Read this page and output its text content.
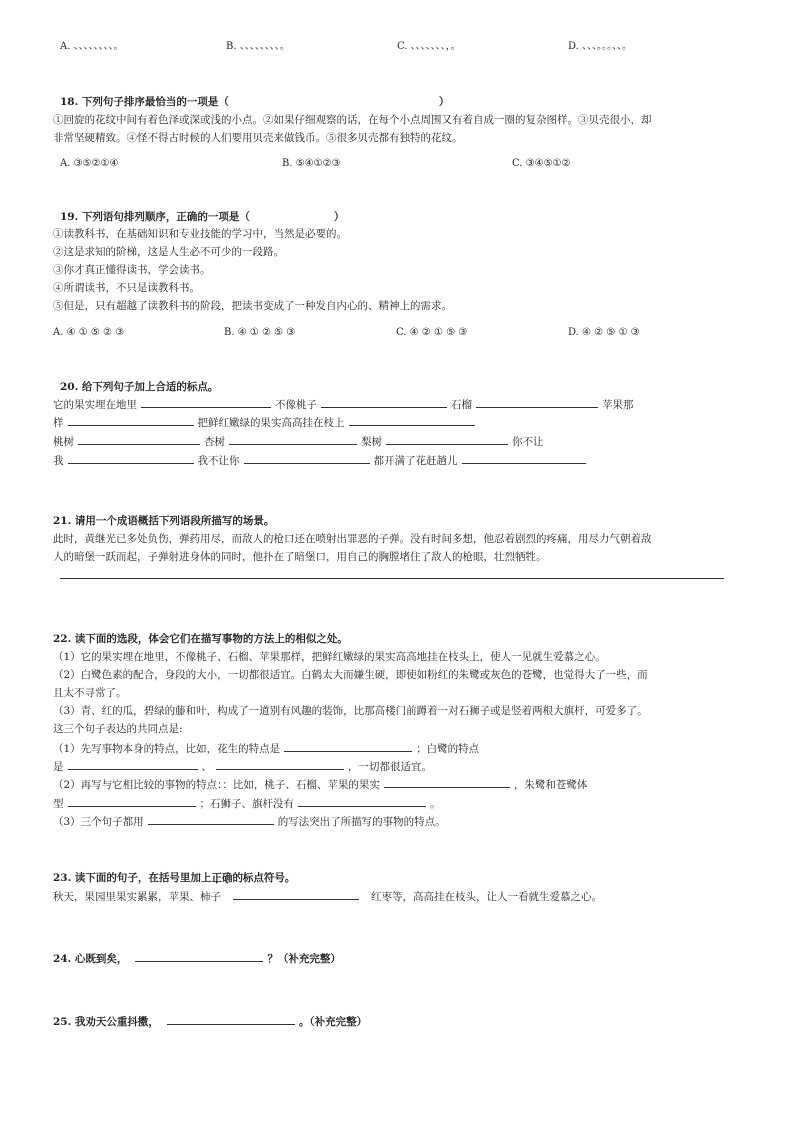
A. 、、、、、、、、。	B. 、、、、、、、、。	C. 、、、、、、、，。	D. 、、、。。。、、。
18. 下列句子排序最恰当的一项是（　　　　　　　　　　　　　　　　　　　　）
①回旋的花纹中间有着色泽或深或浅的小点。②如果仔细观察的话，在每个小点周围又有着自成一圈的复杂图样。③贝壳很小，却
非常坚硬精致。④怪不得古时候的人们要用贝壳来做钱币。⑤很多贝壳都有独特的花纹。
A. ③⑤②①④	B. ⑤④①②③	C. ③④⑤①②
19. 下列语句排列顺序，正确的一项是（　　　　　　　　）
①读教科书，在基础知识和专业技能的学习中，当然是必要的。
②这是求知的阶梯，这是人生必不可少的一段路。
③你才真正懂得读书，学会读书。
④所谓读书，不只是读教科书。
⑤但是，只有超越了读教科书的阶段，把读书变成了一种发自内心的、精神上的需求。
A. ④ ① ⑤ ② ③	B. ④ ① ② ⑤ ③	C. ④ ② ① ⑤ ③	D. ④ ② ⑤ ① ③
20. 给下列句子加上合适的标点。
它的果实埋在地里	不像桃子	石榴	苹果那
样	把鲜红嫩绿的果实高高挂在枝上
桃树	杏树	梨树	你不让
我	我不让你	都开满了花赶趟儿
21. 请用一个成语概括下列语段所描写的场景。
此时，黄继光已多处负伤，弹药用尽，而敌人的枪口还在喷射出罪恶的子弹。没有时间多想，他忍着剧烈的疼痛，用尽力气朝着敌
人的暗堡一跃而起，子弹射进身体的同时，他扑在了暗堡口，用自己的胸膛堵住了敌人的枪眼，壮烈牺牲。
22. 读下面的选段，体会它们在描写事物的方法上的相似之处。
（1）它的果实埋在地里，不像桃子、石榴、苹果那样，把鲜红嫩绿的果实高高地挂在枝头上，使人一见就生爱慕之心。
（2）白鹭色素的配合，身段的大小，一切都很适宜。白鹤太大而嫌生硬，即使如粉红的朱鹭或灰色的苍鹭，也觉得大了一些，而
且太不寻常了。
（3）青、红的瓜，碧绿的藤和叶，构成了一道别有风趣的装饰，比那高楼门前蹲着一对石狮子或是竖着两根大旗杆，可爱多了。
这三个句子表达的共同点是:
（1）先写事物本身的特点，比如，花生的特点是	；白鹭的特点
是	、	，一切都很适宜。
（2）再写与它相比较的事物的特点：：比如，桃子、石榴、苹果的果实	，朱鹭和苍鹭体
型	；石狮子、旗杆没有	。
（3）三个句子都用	的写法突出了所描写的事物的特点。
23. 读下面的句子，在括号里加上正确的标点符号。
秋天，果园里果实累累，苹果、柿子	红枣等，高高挂在枝头，让人一看就生爱慕之心。
24. 心既到矣，	？（补充完整）
25. 我劝天公重抖擞，	。（补充完整）
